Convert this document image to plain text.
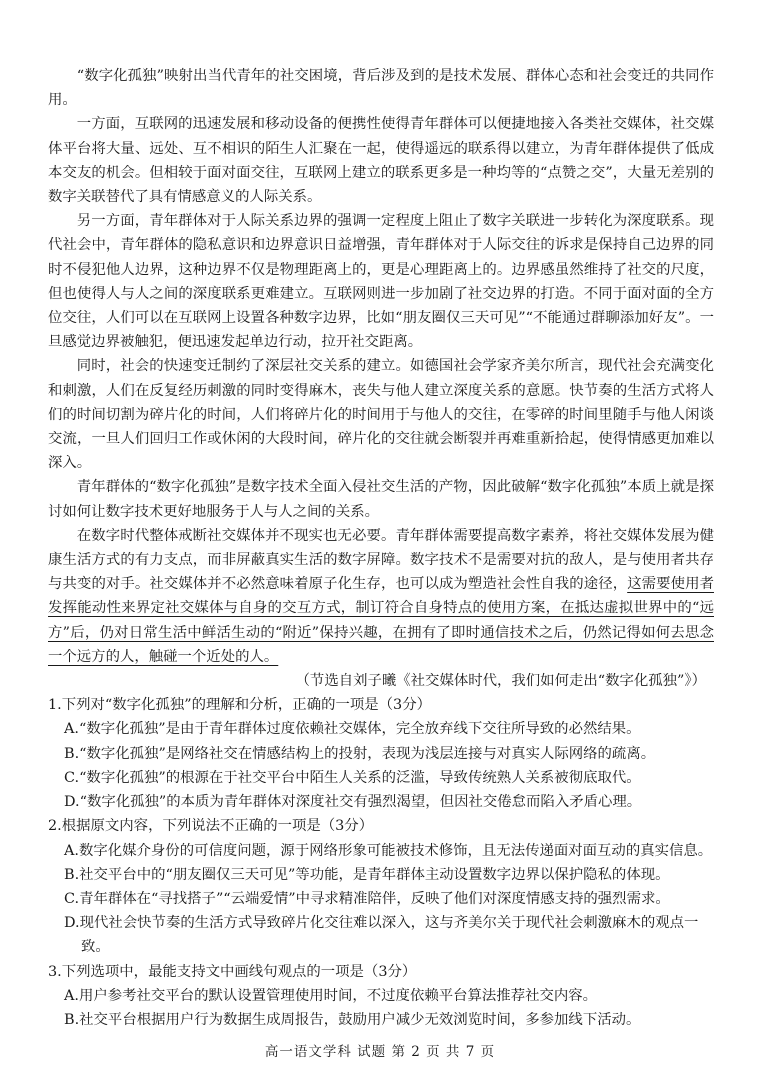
“数字化孤独”映射出当代青年的社交困境，背后涉及到的是技术发展、群体心态和社会变迁的共同作用。

一方面，互联网的迅速发展和移动设备的便携性使得青年群体可以便捷地接入各类社交媒体，社交媒体平台将大量、远处、互不相识的陌生人汇聚在一起，使得遥远的联系得以建立，为青年群体提供了低成本交友的机会。但相较于面对面交往，互联网上建立的联系更多是一种均等的“点赞之交”，大量无差别的数字关联替代了具有情感意义的人际关系。

另一方面，青年群体对于人际关系边界的强调一定程度上阻止了数字关联进一步转化为深度联系。现代社会中，青年群体的隐私意识和边界意识日益增强，青年群体对于人际交往的诉求是保持自己边界的同时不侵犯他人边界，这种边界不仅是物理距离上的，更是心理距离上的。边界感虽然维持了社交的尺度，但也使得人与人之间的深度联系更难建立。互联网则进一步加剧了社交边界的打造。不同于面对面的全方位交往，人们可以在互联网上设置各种数字边界，比如“朋友圈仅三天可见”“不能通过群聊添加好友”。一旦感觉边界被触犯，便迅速发起单边行动，拉开社交距离。

同时，社会的快速变迁制约了深层社交关系的建立。如德国社会学家齐美尔所言，现代社会充满变化和刺激，人们在反复经历刺激的同时变得麻木，丧失与他人建立深度关系的意愿。快节奏的生活方式将人们的时间切割为碎片化的时间，人们将碎片化的时间用于与他人的交往，在零碎的时间里随手与他人闲谈交流，一旦人们回归工作或休闲的大段时间，碎片化的交往就会断裂并再难重新拾起，使得情感更加难以深入。

青年群体的“数字化孤独”是数字技术全面入侵社交生活的产物，因此破解“数字化孤独”本质上就是探讨如何让数字技术更好地服务于人与人之间的关系。

在数字时代整体戒断社交媒体并不现实也无必要。青年群体需要提高数字素养，将社交媒体发展为健康生活方式的有力支点，而非屏蔽真实生活的数字屏障。数字技术不是需要对抗的敌人，是与使用者共存与共变的对手。社交媒体并不必然意味着原子化生存，也可以成为塑造社会性自我的途径，这需要使用者发挥能动性来界定社交媒体与自身的交互方式，制订符合自身特点的使用方案，在抵达虚拟世界中的“远方”后，仍对日常生活中鲜活生动的“附近”保持兴趣，在拥有了即时通信技术之后，仍然记得如何去思念一个远方的人，触碰一个近处的人。

（节选自刘子曦《社交媒体时代，我们如何走出“数字化孤独”》）

1.下列对“数字化孤独”的理解和分析，正确的一项是（3分）

A.“数字化孤独”是由于青年群体过度依赖社交媒体，完全放弃线下交往所导致的必然结果。

B.“数字化孤独”是网络社交在情感结构上的投射，表现为浅层连接与对真实人际网络的疏离。

C.“数字化孤独”的根源在于社交平台中陌生人关系的泛滥，导致传统熟人关系被彻底取代。

D.“数字化孤独”的本质为青年群体对深度社交有强烈渴望，但因社交倦怠而陷入矛盾心理。

2.根据原文内容，下列说法不正确的一项是（3分）

A.数字化媒介身份的可信度问题，源于网络形象可能被技术修饰，且无法传递面对面互动的真实信息。

B.社交平台中的“朋友圈仅三天可见”等功能，是青年群体主动设置数字边界以保护隐私的体现。

C.青年群体在“寻找搭子”“云端爱情”中寻求精准陪伴，反映了他们对深度情感支持的强烈需求。

D.现代社会快节奏的生活方式导致碎片化交往难以深入，这与齐美尔关于现代社会刺激麻木的观点一致。

3.下列选项中，最能支持文中画线句观点的一项是（3分）

A.用户参考社交平台的默认设置管理使用时间，不过度依赖平台算法推荐社交内容。

B.社交平台根据用户行为数据生成周报告，鼓励用户减少无效浏览时间，多参加线下活动。

高一语文学科 试题 第 2 页 共 7 页
